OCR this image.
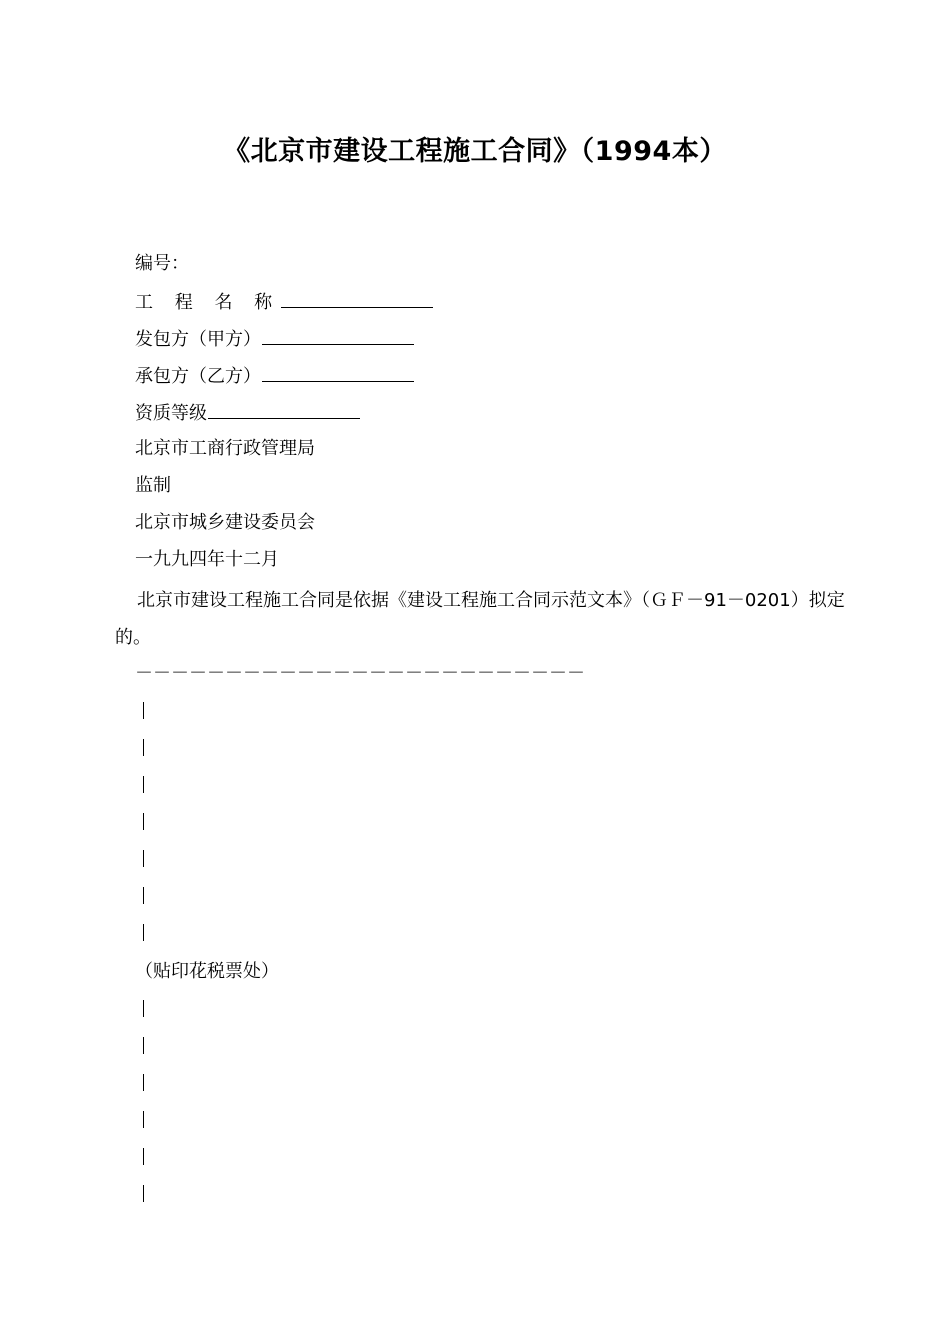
《北京市建设工程施工合同》（1994本）
编号：
工 程 名 称
发包方（甲方）
承包方（乙方）
资质等级
北京市工商行政管理局
监制
北京市城乡建设委员会
一九九四年十二月
北京市建设工程施工合同是依据《建设工程施工合同示范文本》（ＧＦ－91－0201）拟定的。
－－－－－－－－－－－－－－－－－－－－－－－－－
（贴印花税票处）
